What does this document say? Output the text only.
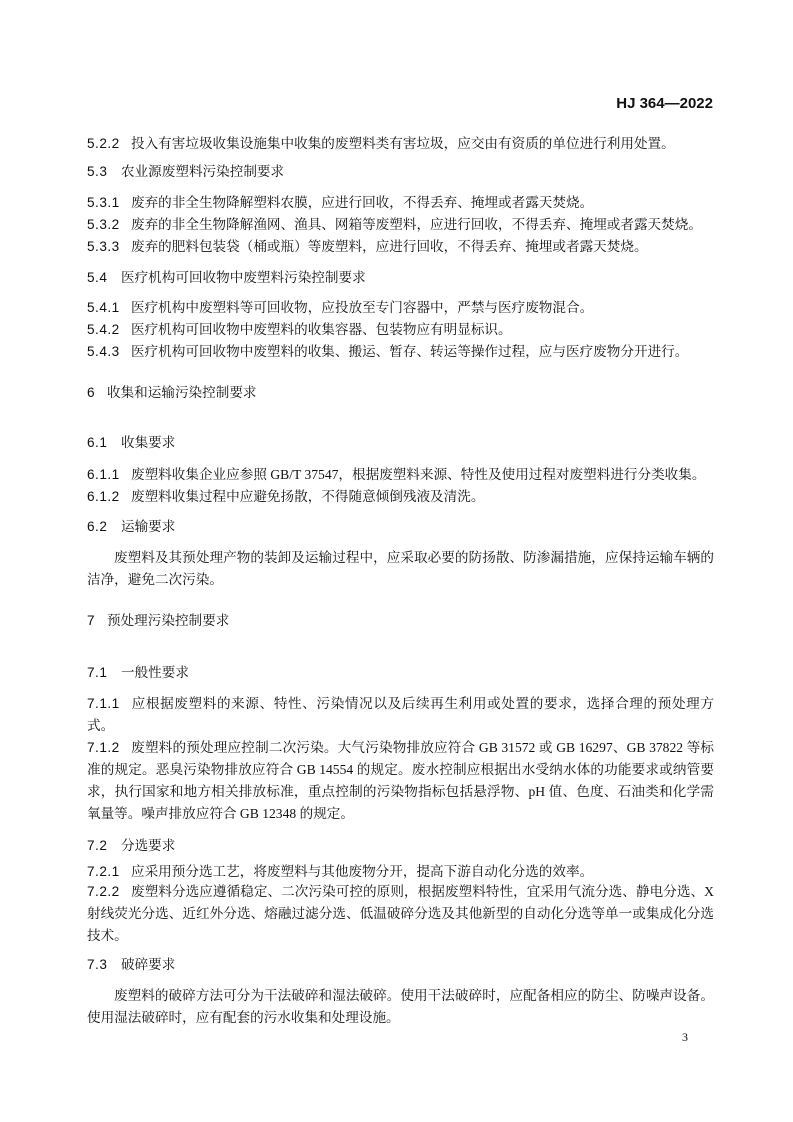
HJ 364—2022
5.2.2 投入有害垃圾收集设施集中收集的废塑料类有害垃圾，应交由有资质的单位进行利用处置。
5.3 农业源废塑料污染控制要求
5.3.1 废弃的非全生物降解塑料农膜，应进行回收，不得丢弃、掩埋或者露天焚烧。
5.3.2 废弃的非全生物降解渔网、渔具、网箱等废塑料，应进行回收，不得丢弃、掩埋或者露天焚烧。
5.3.3 废弃的肥料包装袋（桶或瓶）等废塑料，应进行回收，不得丢弃、掩埋或者露天焚烧。
5.4 医疗机构可回收物中废塑料污染控制要求
5.4.1 医疗机构中废塑料等可回收物，应投放至专门容器中，严禁与医疗废物混合。
5.4.2 医疗机构可回收物中废塑料的收集容器、包装物应有明显标识。
5.4.3 医疗机构可回收物中废塑料的收集、搬运、暂存、转运等操作过程，应与医疗废物分开进行。
6 收集和运输污染控制要求
6.1 收集要求
6.1.1 废塑料收集企业应参照 GB/T 37547，根据废塑料来源、特性及使用过程对废塑料进行分类收集。
6.1.2 废塑料收集过程中应避免扬散，不得随意倾倒残液及清洗。
6.2 运输要求
废塑料及其预处理产物的装卸及运输过程中，应采取必要的防扬散、防渗漏措施，应保持运输车辆的洁净，避免二次污染。
7 预处理污染控制要求
7.1 一般性要求
7.1.1 应根据废塑料的来源、特性、污染情况以及后续再生利用或处置的要求，选择合理的预处理方式。
7.1.2 废塑料的预处理应控制二次污染。大气污染物排放应符合 GB 31572 或 GB 16297、GB 37822 等标准的规定。恶臭污染物排放应符合 GB 14554 的规定。废水控制应根据出水受纳水体的功能要求或纳管要求，执行国家和地方相关排放标准，重点控制的污染物指标包括悬浮物、pH 值、色度、石油类和化学需氧量等。噪声排放应符合 GB 12348 的规定。
7.2 分选要求
7.2.1 应采用预分选工艺，将废塑料与其他废物分开，提高下游自动化分选的效率。
7.2.2 废塑料分选应遵循稳定、二次污染可控的原则，根据废塑料特性，宜采用气流分选、静电分选、X 射线荧光分选、近红外分选、熔融过滤分选、低温破碎分选及其他新型的自动化分选等单一或集成化分选技术。
7.3 破碎要求
废塑料的破碎方法可分为干法破碎和湿法破碎。使用干法破碎时，应配备相应的防尘、防噪声设备。使用湿法破碎时，应有配套的污水收集和处理设施。
3
